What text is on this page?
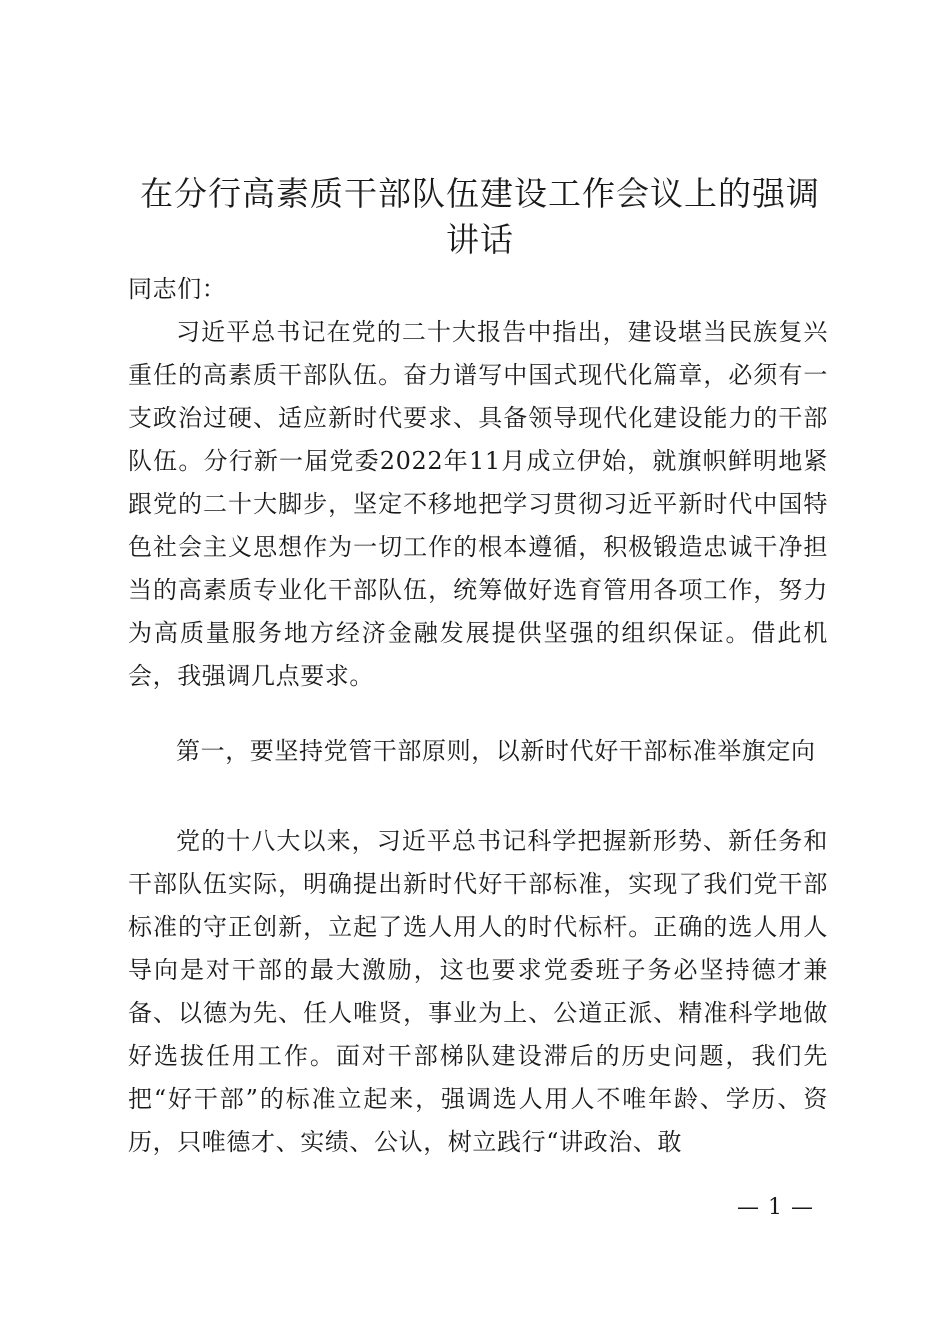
在分行高素质干部队伍建设工作会议上的强调
讲话

同志们：

习近平总书记在党的二十大报告中指出，建设堪当民族复兴重任的高素质干部队伍。奋力谱写中国式现代化篇章，必须有一支政治过硬、适应新时代要求、具备领导现代化建设能力的干部队伍。分行新一届党委2022年11月成立伊始，就旗帜鲜明地紧跟党的二十大脚步，坚定不移地把学习贯彻习近平新时代中国特色社会主义思想作为一切工作的根本遵循，积极锻造忠诚干净担当的高素质专业化干部队伍，统筹做好选育管用各项工作，努力为高质量服务地方经济金融发展提供坚强的组织保证。借此机会，我强调几点要求。

第一，要坚持党管干部原则，以新时代好干部标准举旗定向

党的十八大以来，习近平总书记科学把握新形势、新任务和干部队伍实际，明确提出新时代好干部标准，实现了我们党干部标准的守正创新，立起了选人用人的时代标杆。正确的选人用人导向是对干部的最大激励，这也要求党委班子务必坚持德才兼备、以德为先、任人唯贤，事业为上、公道正派、精准科学地做好选拔任用工作。面对干部梯队建设滞后的历史问题，我们先把“好干部”的标准立起来，强调选人用人不唯年龄、学历、资历，只唯德才、实绩、公认，树立践行“讲政治、敢

— 1 —
